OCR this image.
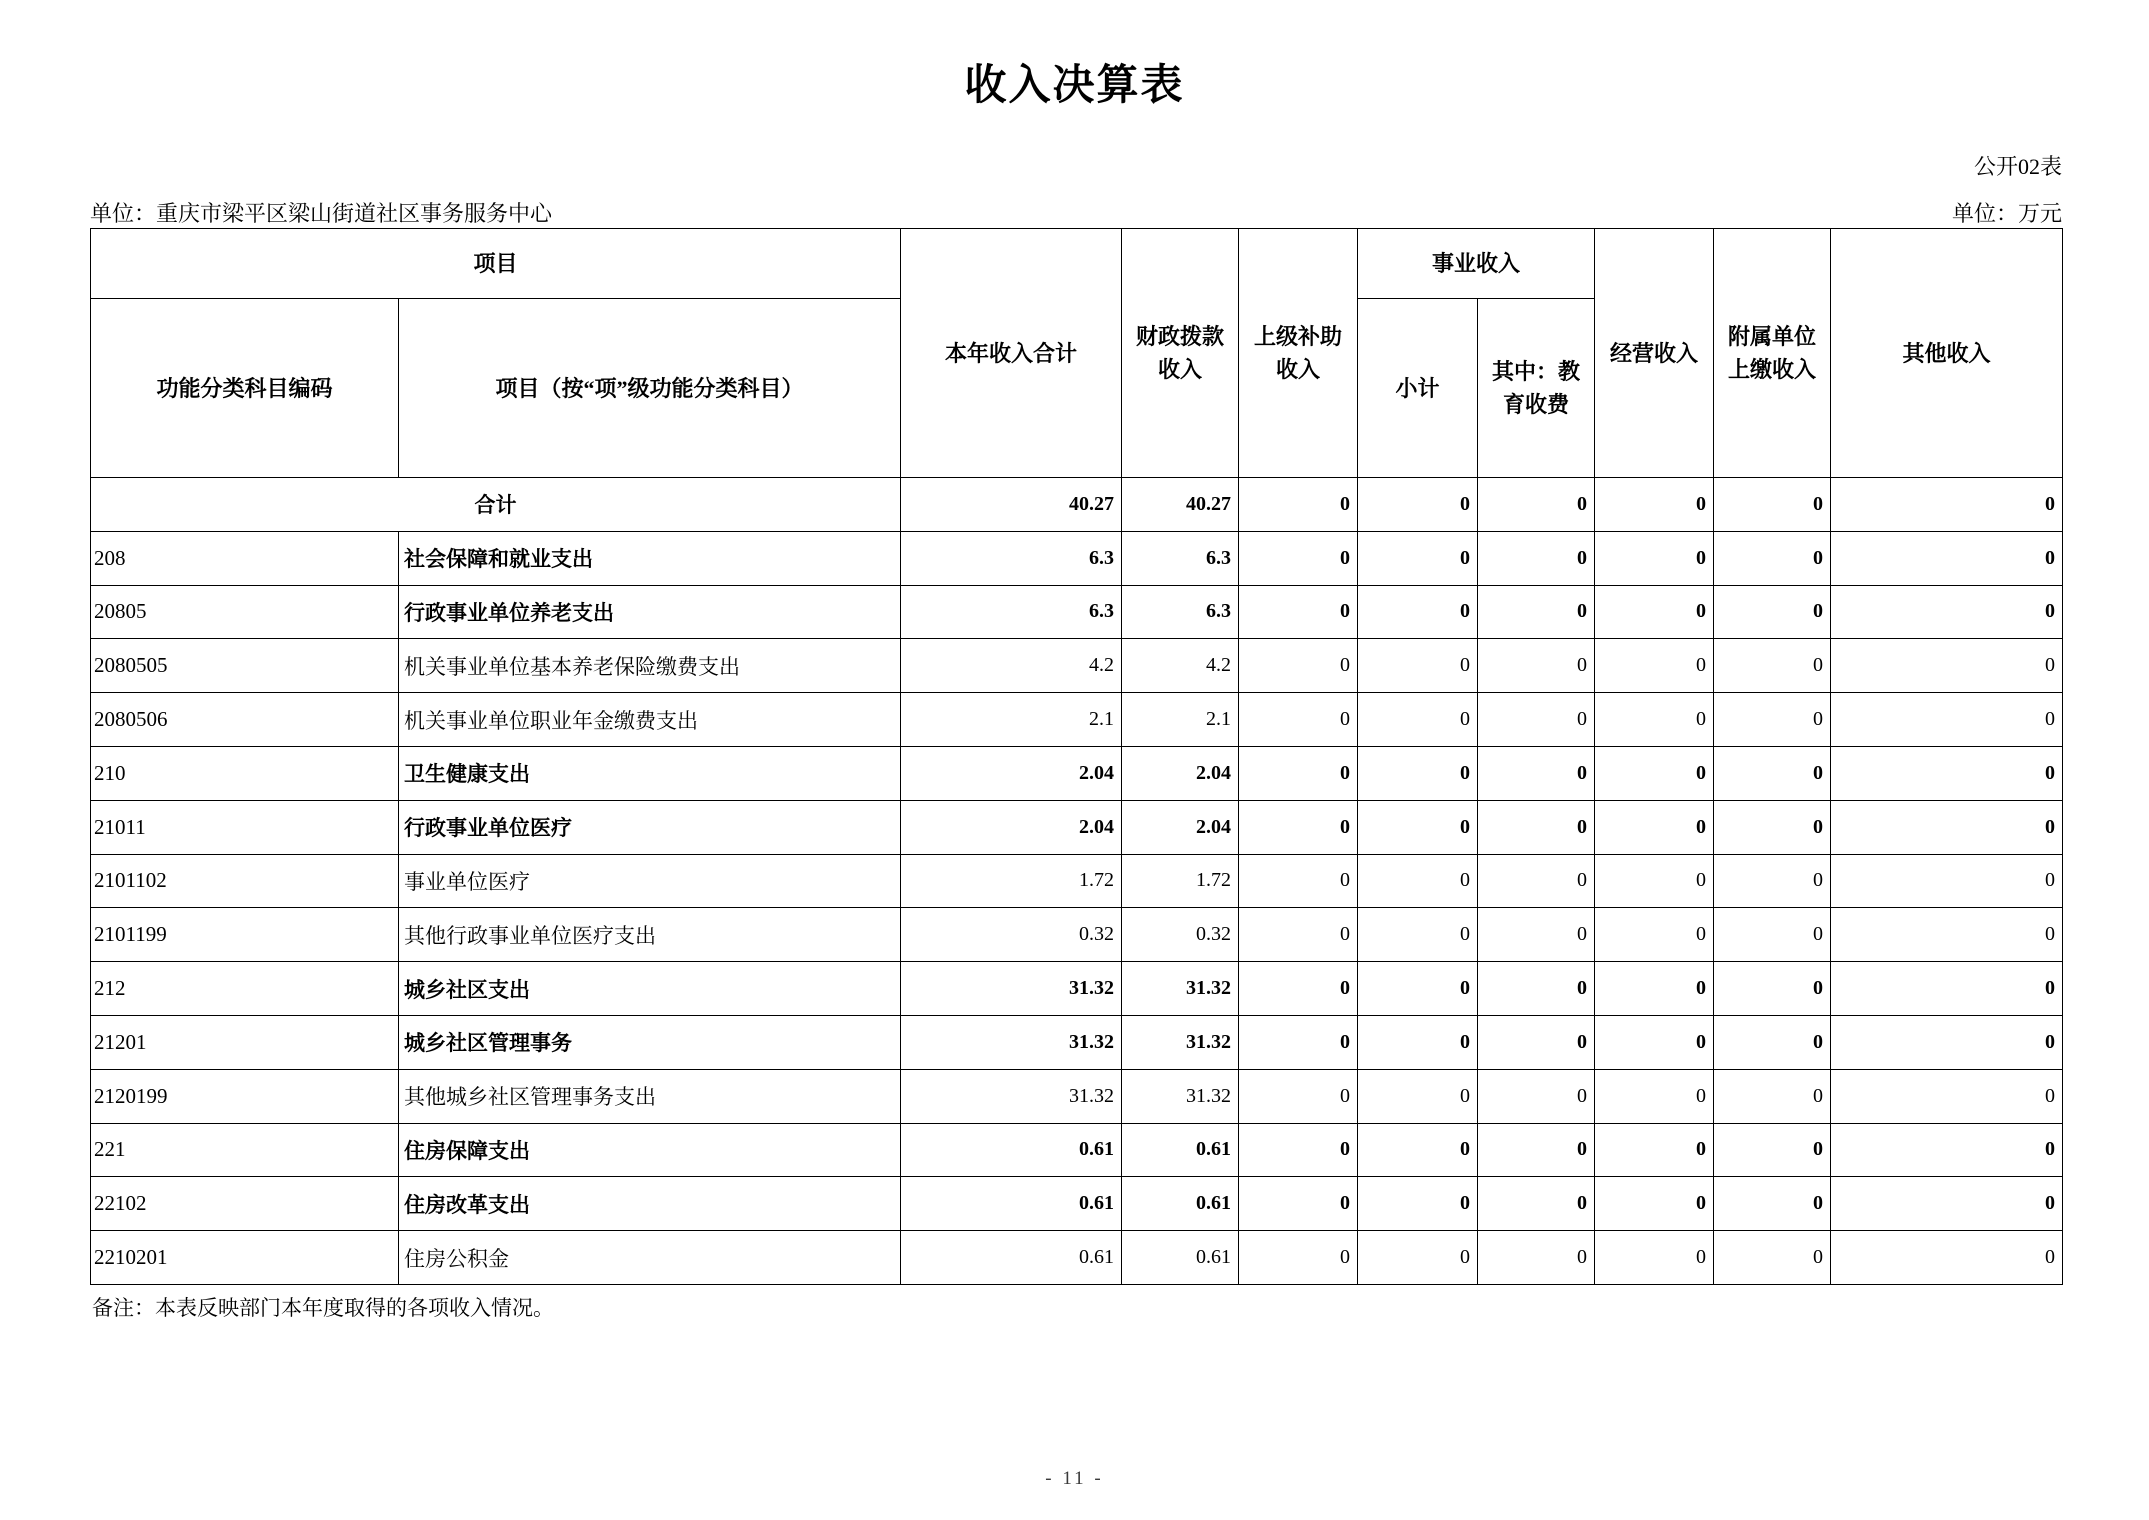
收入决算表
公开02表
单位：重庆市梁平区梁山街道社区事务服务中心	单位：万元
项目		本年收入合计	财政拨款收入	上级补助收入	事业收入		经营收入	附属单位上缴收入	其他收入
功能分类科目编码	项目（按“项”级功能分类科目）				小计	其中：教育收费			
合计		40.27	40.27	0	0	0	0	0	0
208	社会保障和就业支出	6.3	6.3	0	0	0	0	0	0
20805	行政事业单位养老支出	6.3	6.3	0	0	0	0	0	0
2080505	机关事业单位基本养老保险缴费支出	4.2	4.2	0	0	0	0	0	0
2080506	机关事业单位职业年金缴费支出	2.1	2.1	0	0	0	0	0	0
210	卫生健康支出	2.04	2.04	0	0	0	0	0	0
21011	行政事业单位医疗	2.04	2.04	0	0	0	0	0	0
2101102	事业单位医疗	1.72	1.72	0	0	0	0	0	0
2101199	其他行政事业单位医疗支出	0.32	0.32	0	0	0	0	0	0
212	城乡社区支出	31.32	31.32	0	0	0	0	0	0
21201	城乡社区管理事务	31.32	31.32	0	0	0	0	0	0
2120199	其他城乡社区管理事务支出	31.32	31.32	0	0	0	0	0	0
221	住房保障支出	0.61	0.61	0	0	0	0	0	0
22102	住房改革支出	0.61	0.61	0	0	0	0	0	0
2210201	住房公积金	0.61	0.61	0	0	0	0	0	0
备注：本表反映部门本年度取得的各项收入情况。
- 11 -
